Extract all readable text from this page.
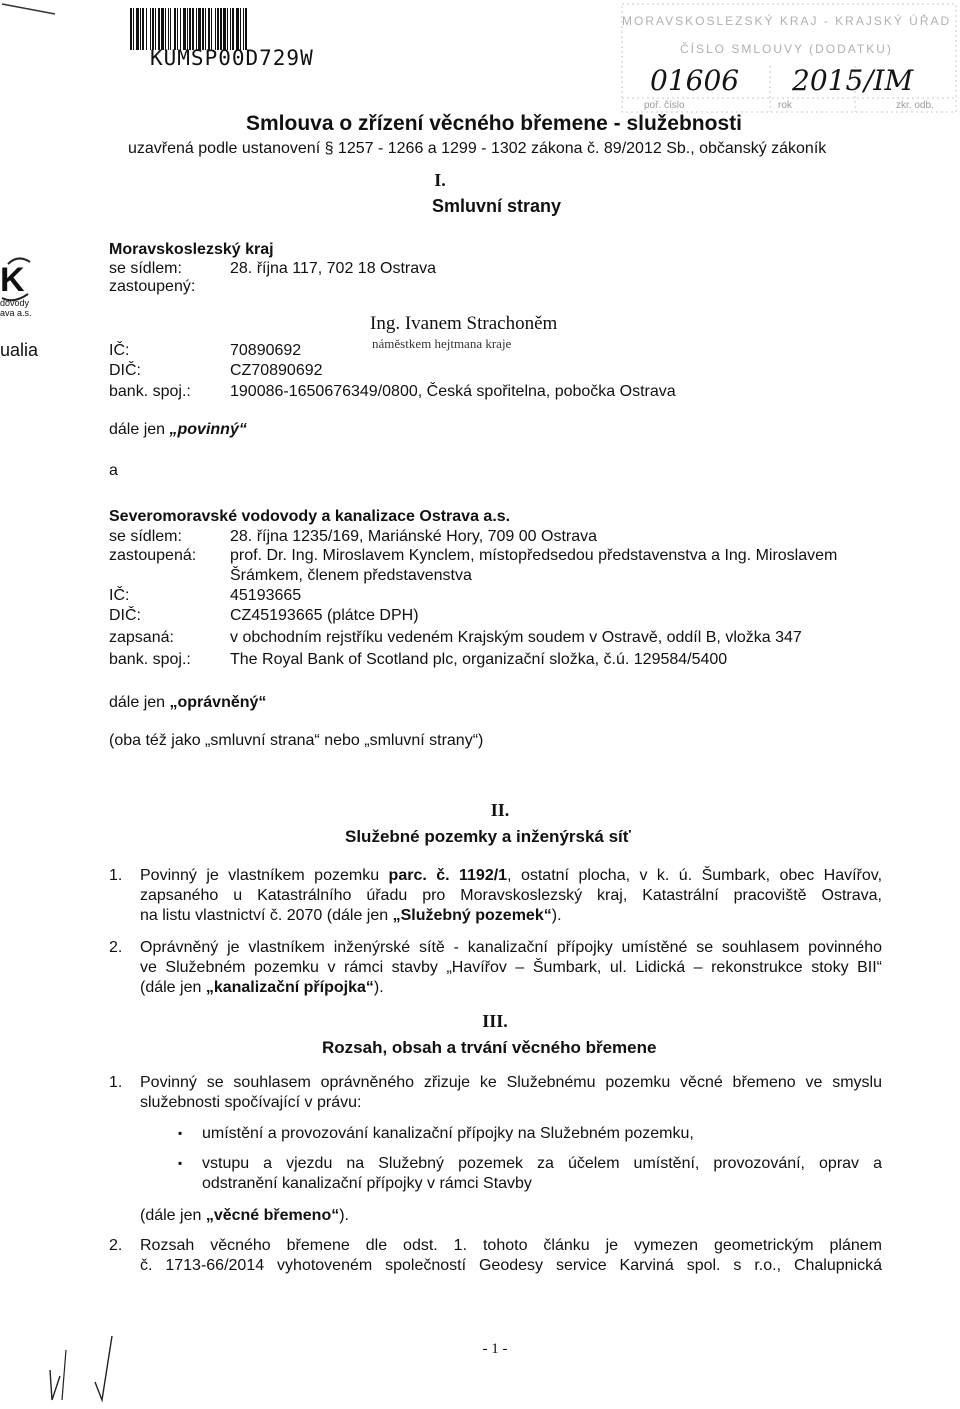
KUMSP00D729W
MORAVSKOSLEZSKÝ KRAJ - KRAJSKÝ ÚŘAD
ČÍSLO SMLOUVY (DODATKU)
01606 2015 /IM
poř. číslo	rok	zkr. odb.
K
dovody
ava a.s.
ualia
Smlouva o zřízení věcného břemene - služebnosti
uzavřená podle ustanovení § 1257 - 1266 a 1299 - 1302 zákona č. 89/2012 Sb., občanský zákoník
I.
Smluvní strany
Moravskoslezský kraj
se sídlem:	28. října 117, 702 18 Ostrava
zastoupený:
Ing. Ivanem Strachoněm
náměstkem hejtmana kraje
IČ:	70890692
DIČ:	CZ70890692
bank. spoj.: 190086-1650676349/0800, Česká spořitelna, pobočka Ostrava
dále jen „povinný“
a
Severomoravské vodovody a kanalizace Ostrava a.s.
se sídlem:	28. října 1235/169, Mariánské Hory, 709 00 Ostrava
zastoupená: prof. Dr. Ing. Miroslavem Kynclem, místopředsedou představenstva a Ing. Miroslavem
Šrámkem, členem představenstva
IČ:	45193665
DIČ:	CZ45193665 (plátce DPH)
zapsaná:	v obchodním rejstříku vedeném Krajským soudem v Ostravě, oddíl B, vložka 347
bank. spoj.: The Royal Bank of Scotland plc, organizační složka, č.ú. 129584/5400
dále jen „oprávněný“
(oba též jako „smluvní strana“ nebo „smluvní strany“)
II.
Služebné pozemky a inženýrská síť
1. Povinný je vlastníkem pozemku parc. č. 1192/1, ostatní plocha, v k. ú. Šumbark, obec Havířov,
zapsaného u Katastrálního úřadu pro Moravskoslezský kraj, Katastrální pracoviště Ostrava,
na listu vlastnictví č. 2070 (dále jen „Služebný pozemek“).
2. Oprávněný je vlastníkem inženýrské sítě - kanalizační přípojky umístěné se souhlasem povinného
ve Služebném pozemku v rámci stavby „Havířov – Šumbark, ul. Lidická – rekonstrukce stoky BII“
(dále jen „kanalizační přípojka“).
III.
Rozsah, obsah a trvání věcného břemene
1. Povinný se souhlasem oprávněného zřizuje ke Služebnému pozemku věcné břemeno ve smyslu
služebnosti spočívající v právu:
▪ umístění a provozování kanalizační přípojky na Služebném pozemku,
▪ vstupu a vjezdu na Služebný pozemek za účelem umístění, provozování, oprav a
odstranění kanalizační přípojky v rámci Stavby
(dále jen „věcné břemeno“).
2. Rozsah věcného břemene dle odst. 1. tohoto článku je vymezen geometrickým plánem
č. 1713-66/2014 vyhotoveném společností Geodesy service Karviná spol. s r.o., Chalupnická
- 1 -
